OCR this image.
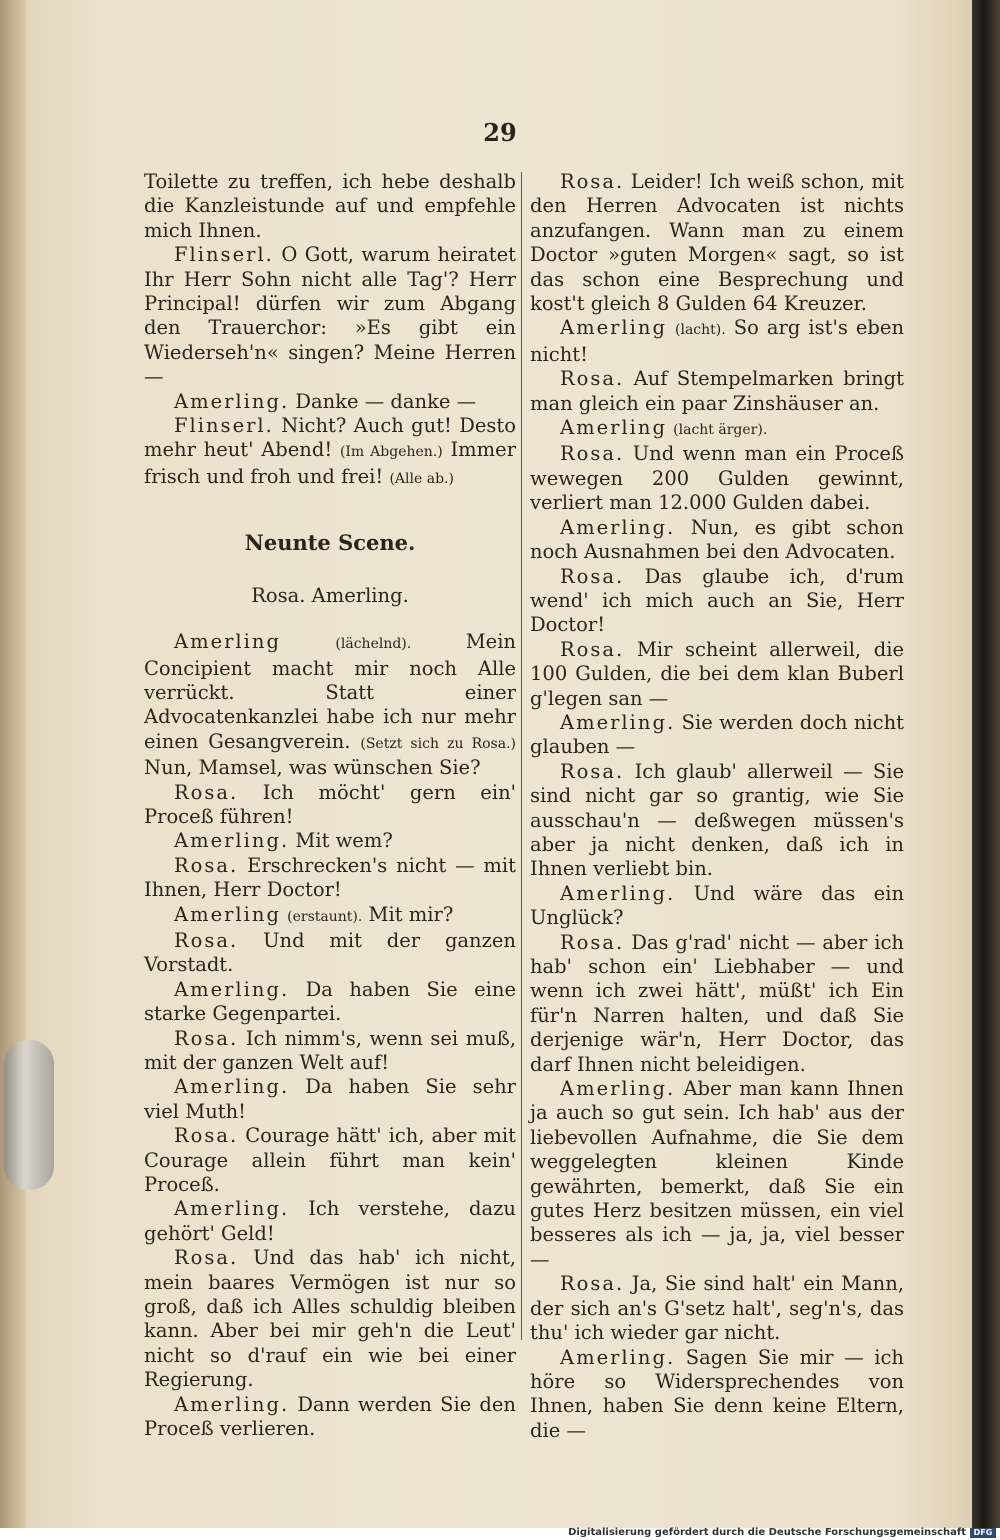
29

Toilette zu treffen, ich hebe deshalb die Kanzleistunde auf und empfehle mich Ihnen.

Flinserl. O Gott, warum heiratet Ihr Herr Sohn nicht alle Tag'? Herr Principal! dürfen wir zum Abgang den Trauerchor: »Es gibt ein Wiederseh'n« singen? Meine Herren —

Amerling. Danke — danke —

Flinserl. Nicht? Auch gut! Desto mehr heut' Abend! (Im Abgehen.) Immer frisch und froh und frei! (Alle ab.)

Neunte Scene.

Rosa. Amerling.

Amerling	(lächelnd).	Mein Concipient macht mir noch Alle verrückt. Statt einer Advocatenkanzlei habe ich nur mehr einen Gesangverein. (Setzt sich zu Rosa.) Nun, Mamsel, was wünschen Sie?

Rosa. Ich möcht' gern ein' Proceß führen!

Amerling. Mit wem?

Rosa. Erschrecken's nicht — mit Ihnen, Herr Doctor!

Amerling (erstaunt). Mit mir?

Rosa. Und mit der ganzen Vorstadt.

Amerling. Da haben Sie eine starke Gegenpartei.

Rosa. Ich nimm's, wenn sei muß, mit der ganzen Welt auf!

Amerling. Da haben Sie sehr viel Muth!

Rosa. Courage hätt' ich, aber mit Courage allein führt man kein' Proceß.

Amerling. Ich verstehe, dazu gehört' Geld!

Rosa. Und das hab' ich nicht, mein baares Vermögen ist nur so groß, daß ich Alles schuldig bleiben kann. Aber bei mir geh'n die Leut' nicht so d'rauf ein wie bei einer Regierung.

Amerling. Dann werden Sie den Proceß verlieren.

Rosa. Leider! Ich weiß schon, mit den Herren Advocaten ist nichts anzufangen. Wann man zu einem Doctor »guten Morgen« sagt, so ist das schon eine Besprechung und kost't gleich 8 Gulden 64 Kreuzer.

Amerling (lacht). So arg ist's eben nicht!

Rosa. Auf Stempelmarken bringt man gleich ein paar Zinshäuser an.

Amerling (lacht ärger).

Rosa. Und wenn man ein Proceß wewegen 200 Gulden gewinnt, verliert man 12.000 Gulden dabei.

Amerling. Nun, es gibt schon noch Ausnahmen bei den Advocaten.

Rosa. Das glaube ich, d'rum wend' ich mich auch an Sie, Herr Doctor!

Rosa. Mir scheint allerweil, die 100 Gulden, die bei dem klan Buberl g'legen san —

Amerling. Sie werden doch nicht glauben —

Rosa. Ich glaub' allerweil — Sie sind nicht gar so grantig, wie Sie ausschau'n — deßwegen müssen's aber ja nicht denken, daß ich in Ihnen verliebt bin.

Amerling. Und wäre das ein Unglück?

Rosa. Das g'rad' nicht — aber ich hab' schon ein' Liebhaber — und wenn ich zwei hätt', müßt' ich Ein für'n Narren halten, und daß Sie derjenige wär'n, Herr Doctor, das darf Ihnen nicht beleidigen.

Amerling. Aber man kann Ihnen ja auch so gut sein. Ich hab' aus der liebevollen Aufnahme, die Sie dem weggelegten kleinen Kinde gewährten, bemerkt, daß Sie ein gutes Herz besitzen müssen, ein viel besseres als ich — ja, ja, viel besser —

Rosa. Ja, Sie sind halt' ein Mann, der sich an's G'setz halt', seg'n's, das thu' ich wieder gar nicht.

Amerling. Sagen Sie mir — ich höre so Widersprechendes von Ihnen, haben Sie denn keine Eltern, die —

Digitalisierung gefördert durch die Deutsche Forschungsgemeinschaft DFG
